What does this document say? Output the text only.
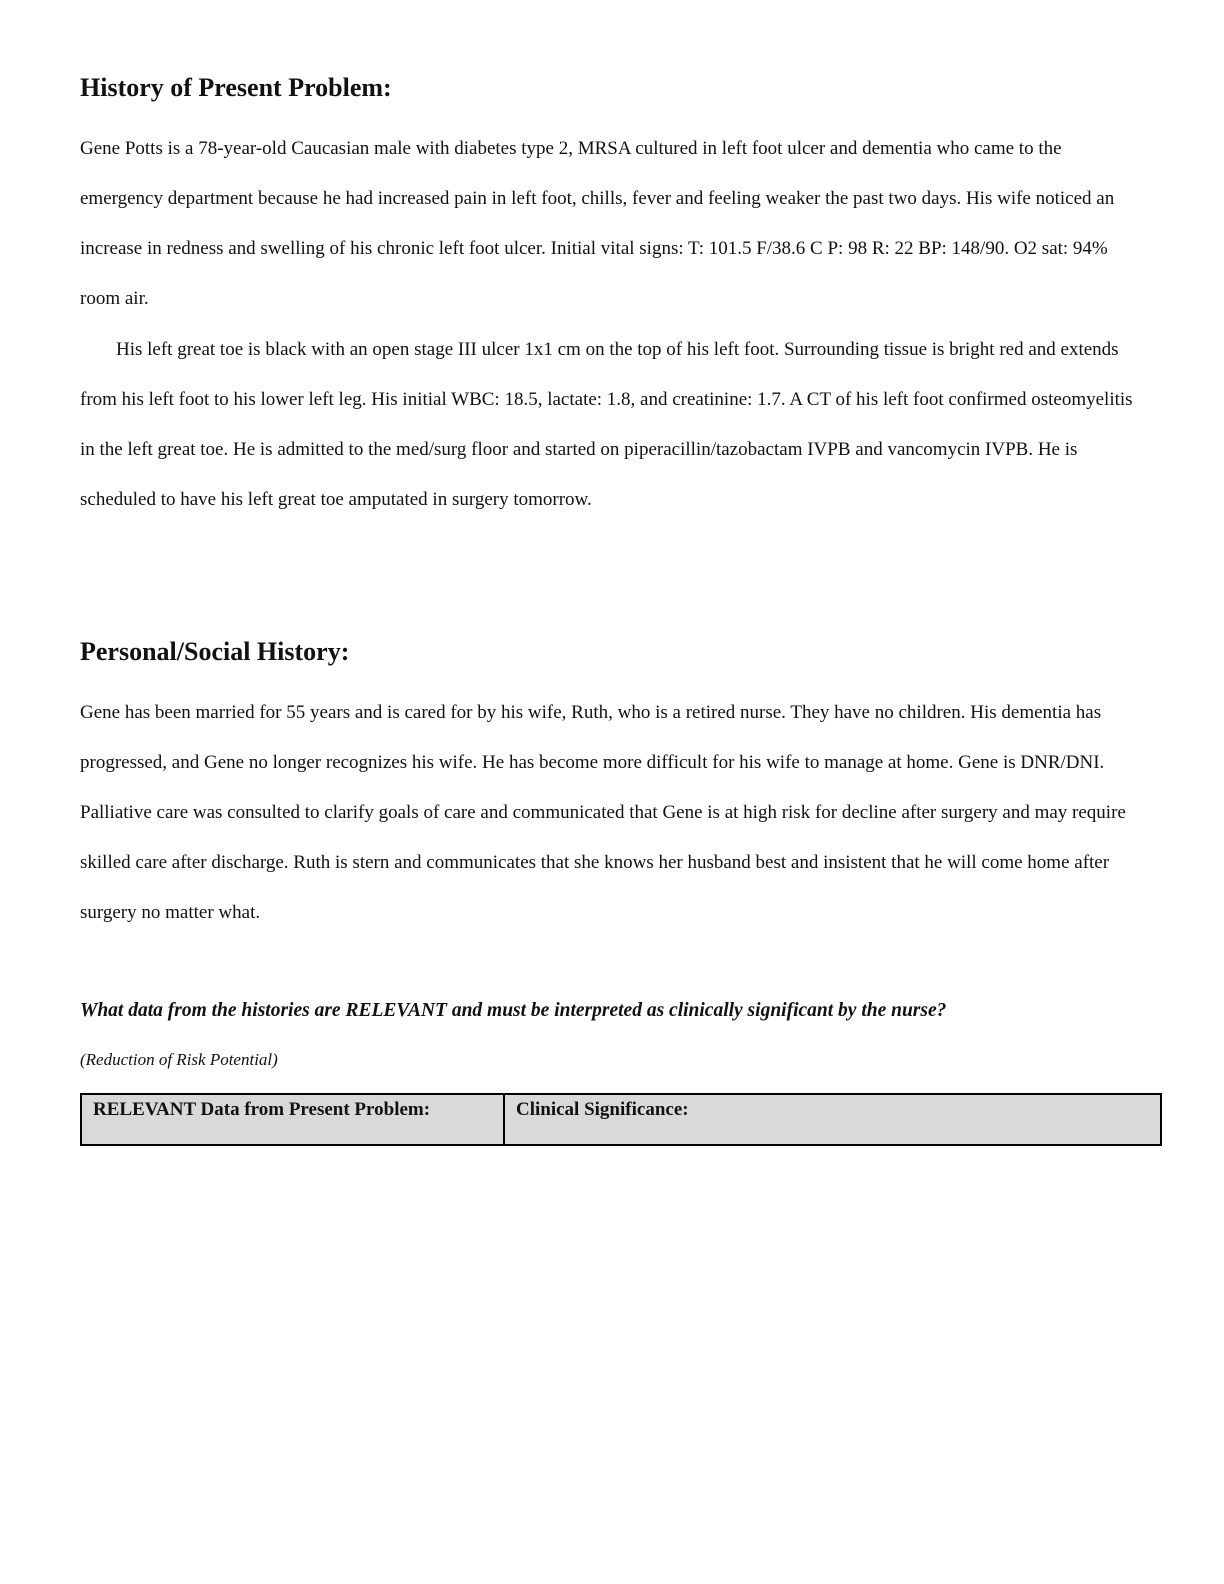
History of Present Problem:

Gene Potts is a 78-year-old Caucasian male with diabetes type 2, MRSA cultured in left foot ulcer and dementia who came to the emergency department because he had increased pain in left foot, chills, fever and feeling weaker the past two days. His wife noticed an increase in redness and swelling of his chronic left foot ulcer. Initial vital signs: T: 101.5 F/38.6 C P: 98 R: 22 BP: 148/90. O2 sat: 94% room air.

His left great toe is black with an open stage III ulcer 1x1 cm on the top of his left foot. Surrounding tissue is bright red and extends from his left foot to his lower left leg. His initial WBC: 18.5, lactate: 1.8, and creatinine: 1.7. A CT of his left foot confirmed osteomyelitis in the left great toe. He is admitted to the med/surg floor and started on piperacillin/tazobactam IVPB and vancomycin IVPB. He is scheduled to have his left great toe amputated in surgery tomorrow.

Personal/Social History:

Gene has been married for 55 years and is cared for by his wife, Ruth, who is a retired nurse. They have no children. His dementia has progressed, and Gene no longer recognizes his wife. He has become more difficult for his wife to manage at home. Gene is DNR/DNI. Palliative care was consulted to clarify goals of care and communicated that Gene is at high risk for decline after surgery and may require skilled care after discharge. Ruth is stern and communicates that she knows her husband best and insistent that he will come home after surgery no matter what.

What data from the histories are RELEVANT and must be interpreted as clinically significant by the nurse?

(Reduction of Risk Potential)

RELEVANT Data from Present Problem:	Clinical Significance:
